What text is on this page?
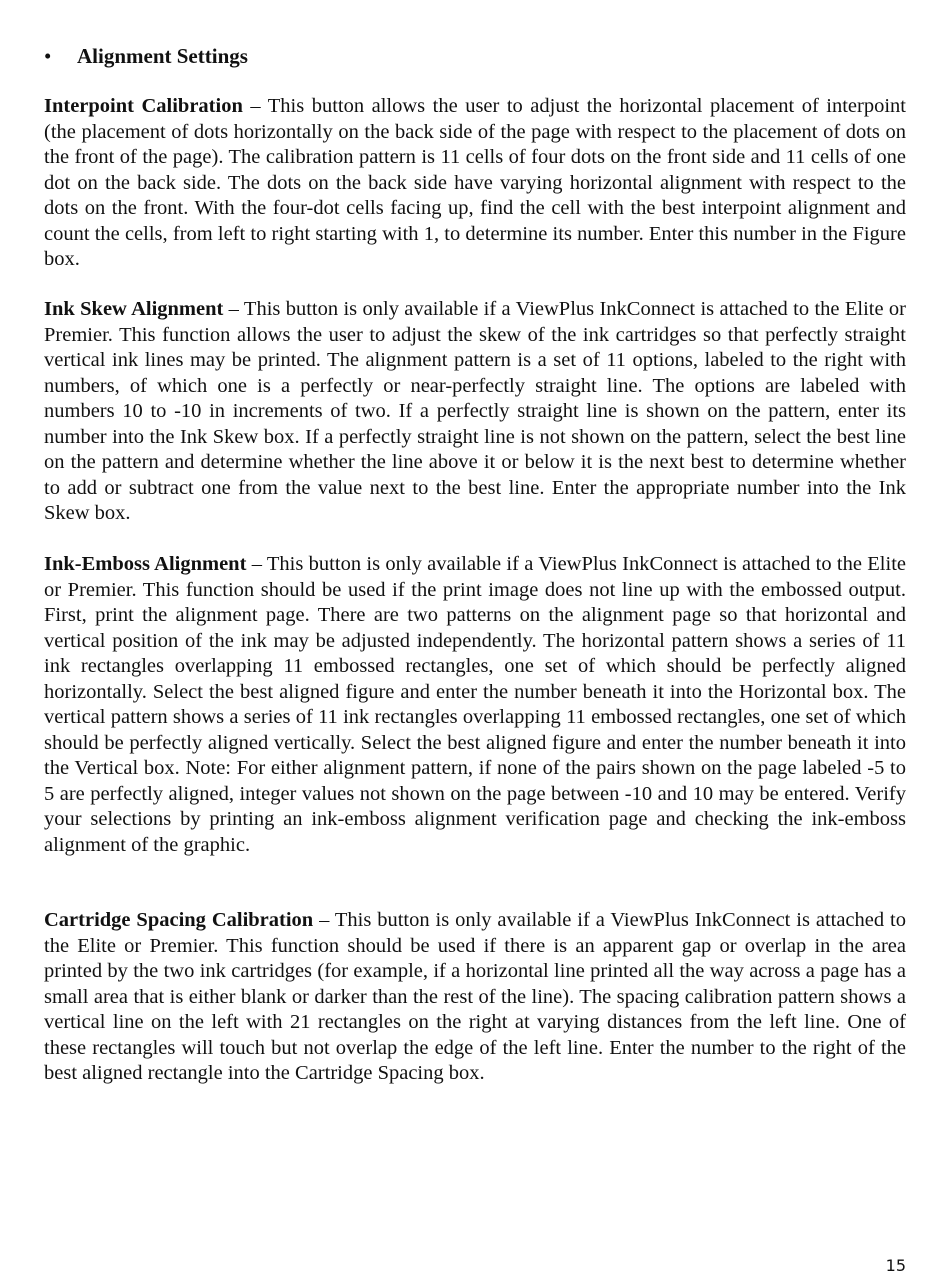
• Alignment Settings

Interpoint Calibration – This button allows the user to adjust the horizontal placement of interpoint (the placement of dots horizontally on the back side of the page with respect to the placement of dots on the front of the page). The calibration pattern is 11 cells of four dots on the front side and 11 cells of one dot on the back side. The dots on the back side have varying horizontal alignment with respect to the dots on the front. With the four-dot cells facing up, find the cell with the best interpoint alignment and count the cells, from left to right starting with 1, to determine its number. Enter this number in the Figure box.

Ink Skew Alignment – This button is only available if a ViewPlus InkConnect is attached to the Elite or Premier. This function allows the user to adjust the skew of the ink cartridges so that perfectly straight vertical ink lines may be printed. The alignment pattern is a set of 11 options, labeled to the right with numbers, of which one is a perfectly or near-perfectly straight line. The options are labeled with numbers 10 to -10 in increments of two. If a perfectly straight line is shown on the pattern, enter its number into the Ink Skew box. If a perfectly straight line is not shown on the pattern, select the best line on the pattern and determine whether the line above it or below it is the next best to determine whether to add or subtract one from the value next to the best line. Enter the appropriate number into the Ink Skew box.

Ink-Emboss Alignment – This button is only available if a ViewPlus InkConnect is attached to the Elite or Premier. This function should be used if the print image does not line up with the embossed output. First, print the alignment page. There are two patterns on the alignment page so that horizontal and vertical position of the ink may be adjusted independently. The horizontal pattern shows a series of 11 ink rectangles overlapping 11 embossed rectangles, one set of which should be perfectly aligned horizontally. Select the best aligned figure and enter the number beneath it into the Horizontal box. The vertical pattern shows a series of 11 ink rectangles overlapping 11 embossed rectangles, one set of which should be perfectly aligned vertically. Select the best aligned figure and enter the number beneath it into the Vertical box. Note: For either alignment pattern, if none of the pairs shown on the page labeled -5 to 5 are perfectly aligned, integer values not shown on the page between -10 and 10 may be entered. Verify your selections by printing an ink-emboss alignment verification page and checking the ink-emboss alignment of the graphic.

Cartridge Spacing Calibration – This button is only available if a ViewPlus InkConnect is attached to the Elite or Premier. This function should be used if there is an apparent gap or overlap in the area printed by the two ink cartridges (for example, if a horizontal line printed all the way across a page has a small area that is either blank or darker than the rest of the line). The spacing calibration pattern shows a vertical line on the left with 21 rectangles on the right at varying distances from the left line. One of these rectangles will touch but not overlap the edge of the left line. Enter the number to the right of the best aligned rectangle into the Cartridge Spacing box.

15
